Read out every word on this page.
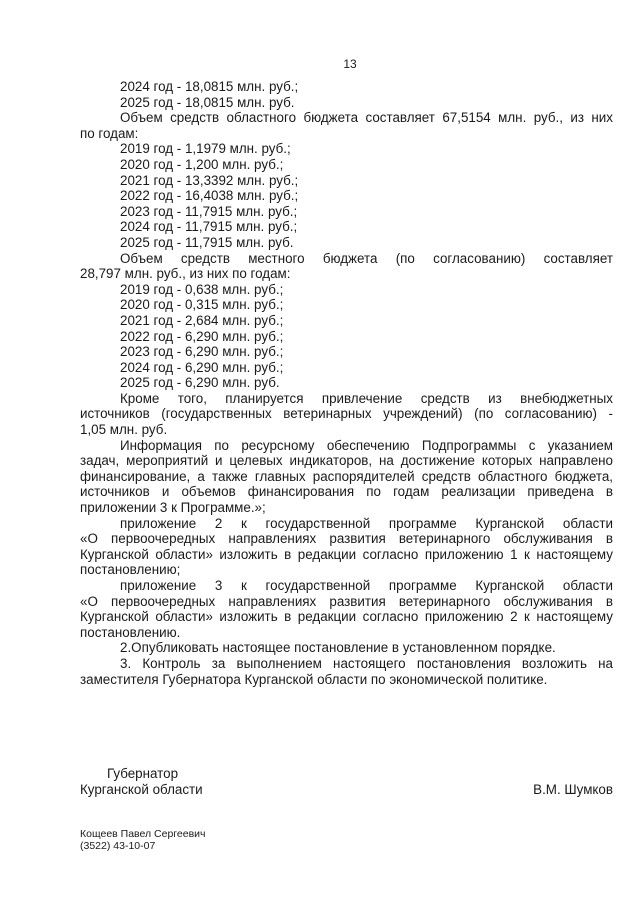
13
2024 год - 18,0815 млн. руб.;
2025 год - 18,0815 млн. руб.
Объем средств областного бюджета составляет 67,5154 млн. руб., из них
по годам:
2019 год - 1,1979 млн. руб.;
2020 год - 1,200 млн. руб.;
2021 год - 13,3392 млн. руб.;
2022 год - 16,4038 млн. руб.;
2023 год - 11,7915 млн. руб.;
2024 год - 11,7915 млн. руб.;
2025 год - 11,7915 млн. руб.
Объем средств местного бюджета (по согласованию) составляет
28,797 млн. руб., из них по годам:
2019 год - 0,638 млн. руб.;
2020 год - 0,315 млн. руб.;
2021 год - 2,684 млн. руб.;
2022 год - 6,290 млн. руб.;
2023 год - 6,290 млн. руб.;
2024 год - 6,290 млн. руб.;
2025 год - 6,290 млн. руб.
Кроме того, планируется привлечение средств из внебюджетных
источников (государственных ветеринарных учреждений) (по согласованию) -
1,05 млн. руб.
Информация по ресурсному обеспечению Подпрограммы с указанием
задач, мероприятий и целевых индикаторов, на достижение которых направлено
финансирование, а также главных распорядителей средств областного бюджета,
источников и объемов финансирования по годам реализации приведена в
приложении 3 к Программе.»;
приложение 2 к государственной программе Курганской области
«О первоочередных направлениях развития ветеринарного обслуживания в
Курганской области» изложить в редакции согласно приложению 1 к настоящему
постановлению;
приложение 3 к государственной программе Курганской области
«О первоочередных направлениях развития ветеринарного обслуживания в
Курганской области» изложить в редакции согласно приложению 2 к настоящему
постановлению.
2.Опубликовать настоящее постановление в установленном порядке.
3. Контроль за выполнением настоящего постановления возложить на
заместителя Губернатора Курганской области по экономической политике.
Губернатор
Курганской области	В.М. Шумков
Кощеев Павел Сергеевич
(3522) 43-10-07
